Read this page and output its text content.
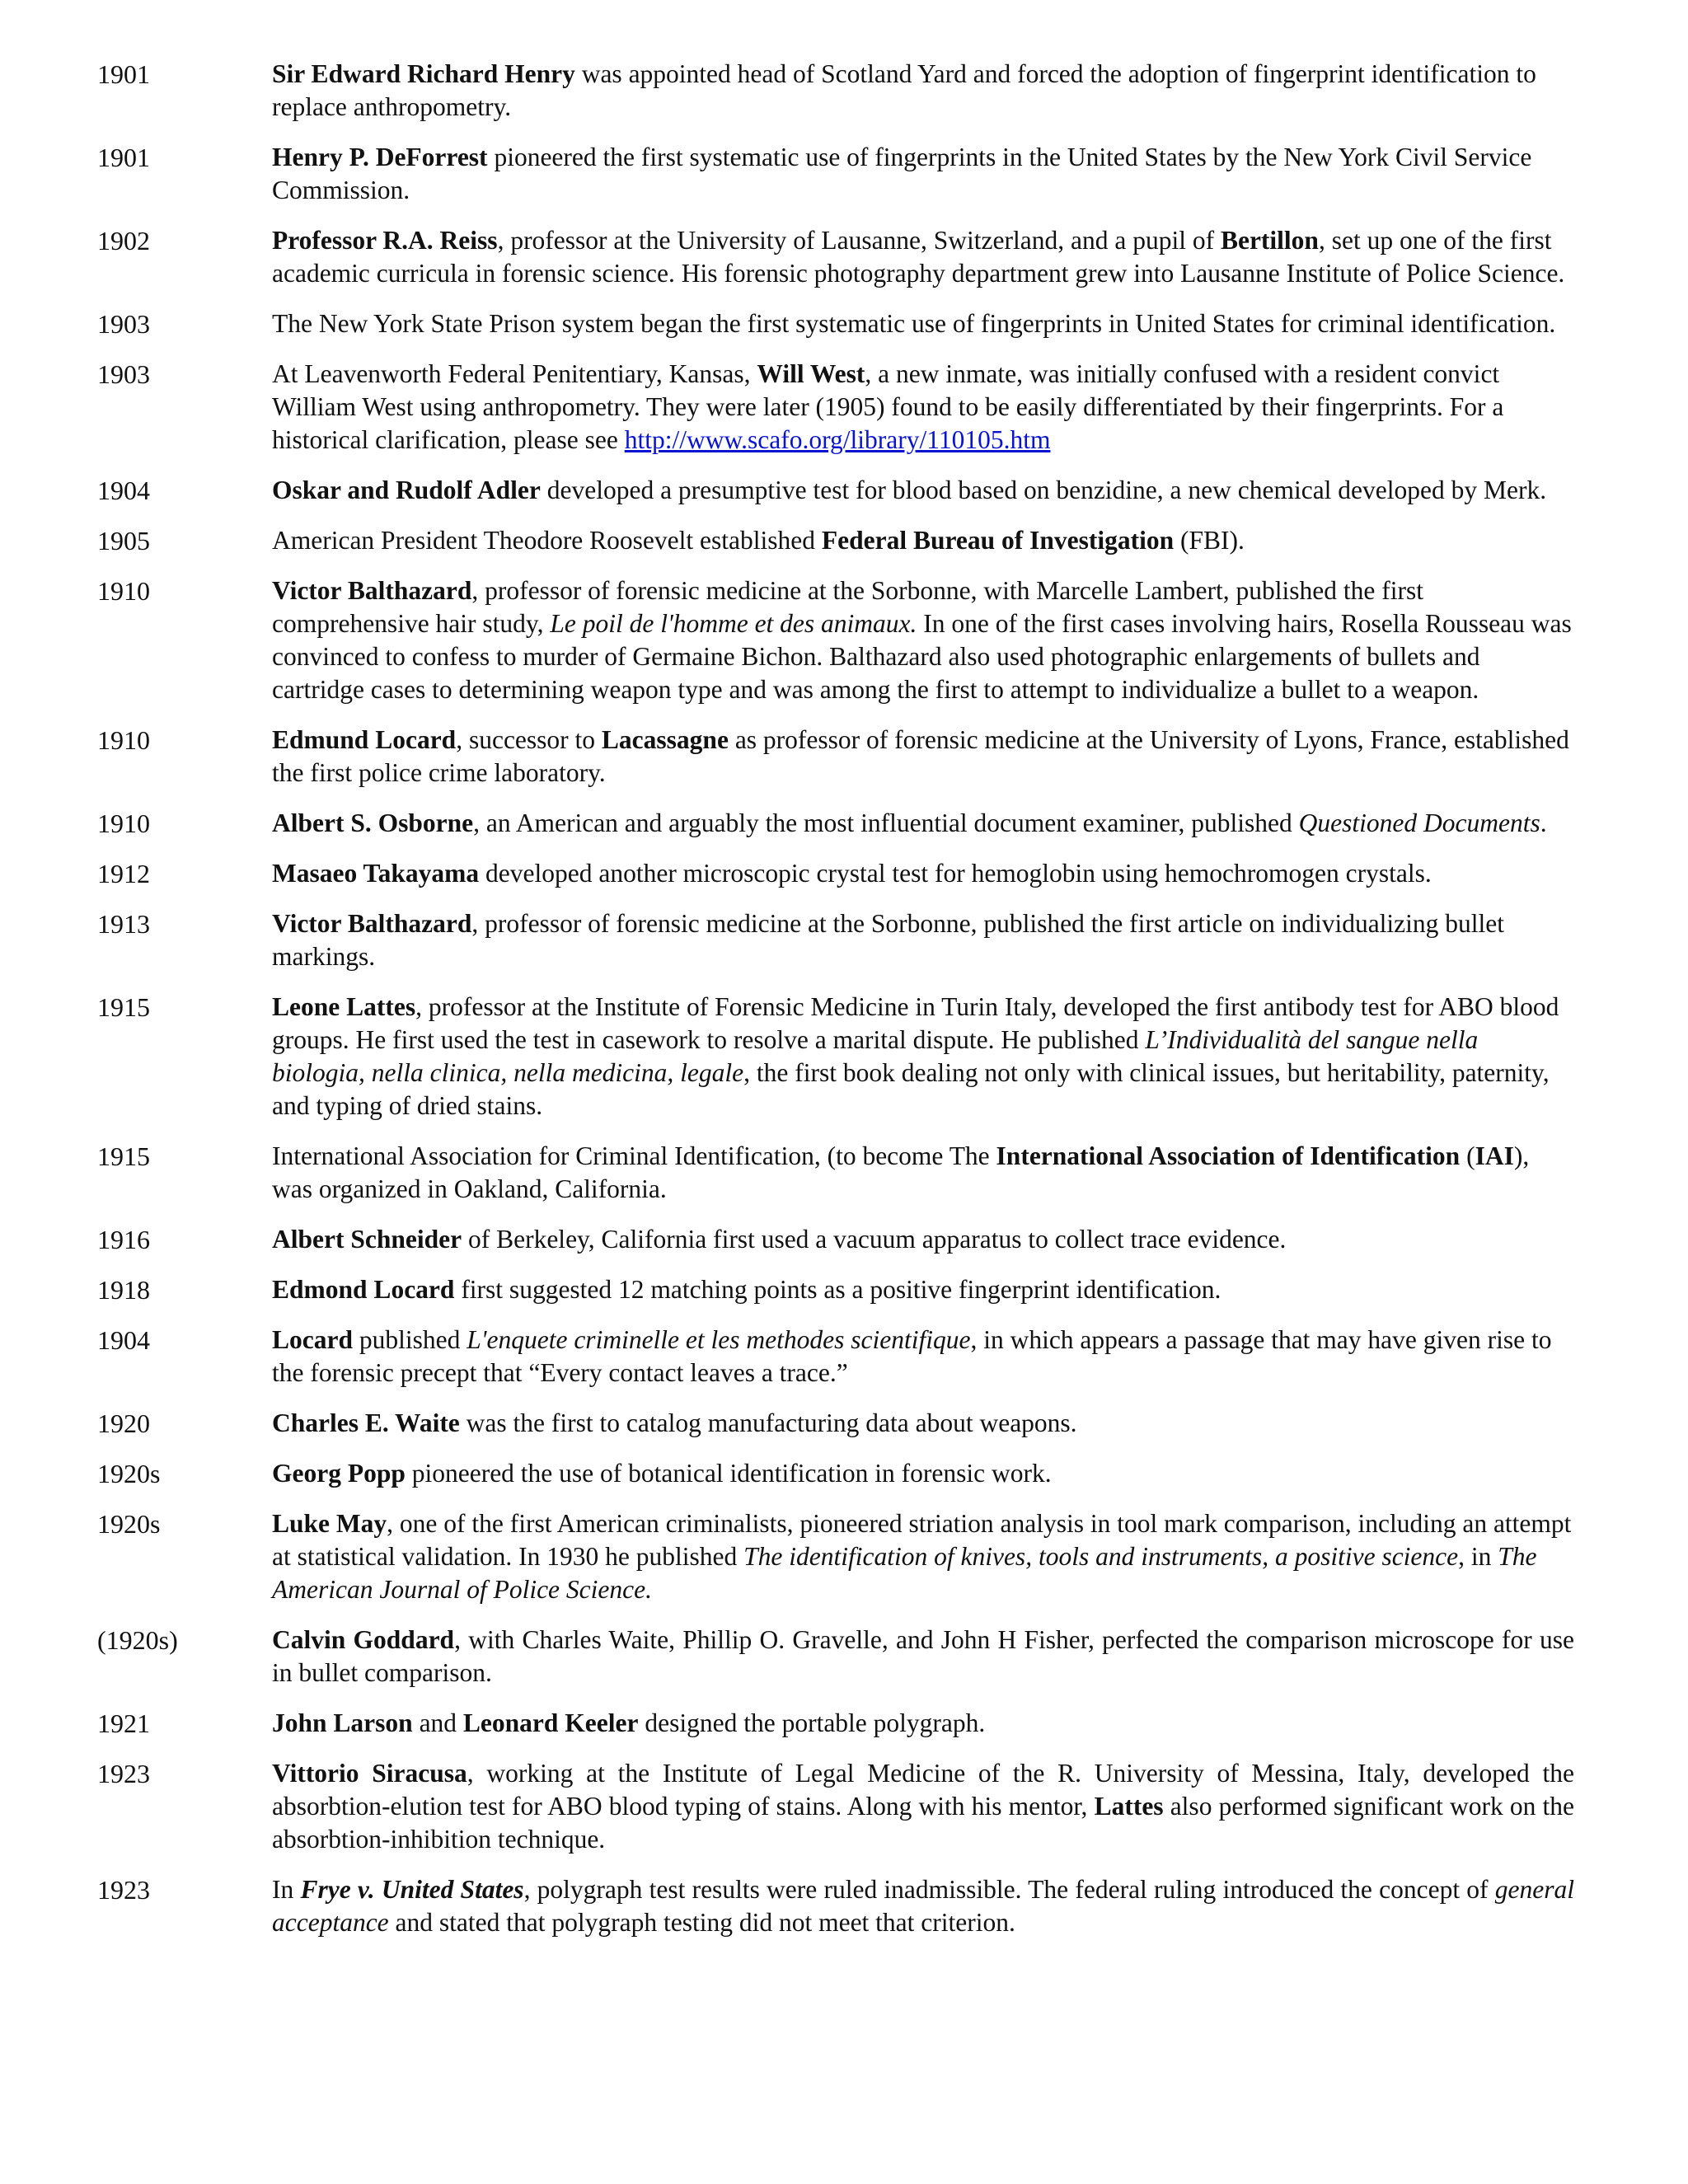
1901	Sir Edward Richard Henry was appointed head of Scotland Yard and forced the adoption of fingerprint identification to replace anthropometry.
1901	Henry P. DeForrest pioneered the first systematic use of fingerprints in the United States by the New York Civil Service Commission.
1902	Professor R.A. Reiss, professor at the University of Lausanne, Switzerland, and a pupil of Bertillon, set up one of the first academic curricula in forensic science. His forensic photography department grew into Lausanne Institute of Police Science.
1903	The New York State Prison system began the first systematic use of fingerprints in United States for criminal identification.
1903	At Leavenworth Federal Penitentiary, Kansas, Will West, a new inmate, was initially confused with a resident convict William West using anthropometry. They were later (1905) found to be easily differentiated by their fingerprints. For a historical clarification, please see http://www.scafo.org/library/110105.htm
1904	Oskar and Rudolf Adler developed a presumptive test for blood based on benzidine, a new chemical developed by Merk.
1905	American President Theodore Roosevelt established Federal Bureau of Investigation (FBI).
1910	Victor Balthazard, professor of forensic medicine at the Sorbonne, with Marcelle Lambert, published the first comprehensive hair study, Le poil de l'homme et des animaux. In one of the first cases involving hairs, Rosella Rousseau was convinced to confess to murder of Germaine Bichon. Balthazard also used photographic enlargements of bullets and cartridge cases to determining weapon type and was among the first to attempt to individualize a bullet to a weapon.
1910	Edmund Locard, successor to Lacassagne as professor of forensic medicine at the University of Lyons, France, established the first police crime laboratory.
1910	Albert S. Osborne, an American and arguably the most influential document examiner, published Questioned Documents.
1912	Masaeo Takayama developed another microscopic crystal test for hemoglobin using hemochromogen crystals.
1913	Victor Balthazard, professor of forensic medicine at the Sorbonne, published the first article on individualizing bullet markings.
1915	Leone Lattes, professor at the Institute of Forensic Medicine in Turin Italy, developed the first antibody test for ABO blood groups. He first used the test in casework to resolve a marital dispute. He published L’Individualità del sangue nella biologia, nella clinica, nella medicina, legale, the first book dealing not only with clinical issues, but heritability, paternity, and typing of dried stains.
1915	International Association for Criminal Identification, (to become The International Association of Identification (IAI), was organized in Oakland, California.
1916	Albert Schneider of Berkeley, California first used a vacuum apparatus to collect trace evidence.
1918	Edmond Locard first suggested 12 matching points as a positive fingerprint identification.
1904	Locard published L'enquete criminelle et les methodes scientifique, in which appears a passage that may have given rise to the forensic precept that “Every contact leaves a trace.”
1920	Charles E. Waite was the first to catalog manufacturing data about weapons.
1920s	Georg Popp pioneered the use of botanical identification in forensic work.
1920s	Luke May, one of the first American criminalists, pioneered striation analysis in tool mark comparison, including an attempt at statistical validation. In 1930 he published The identification of knives, tools and instruments, a positive science, in The American Journal of Police Science.
(1920s)	Calvin Goddard, with Charles Waite, Phillip O. Gravelle, and John H Fisher, perfected the comparison microscope for use in bullet comparison.
1921	John Larson and Leonard Keeler designed the portable polygraph.
1923	Vittorio Siracusa, working at the Institute of Legal Medicine of the R. University of Messina, Italy, developed the absorbtion-elution test for ABO blood typing of stains. Along with his mentor, Lattes also performed significant work on the absorbtion-inhibition technique.
1923	In Frye v. United States, polygraph test results were ruled inadmissible. The federal ruling introduced the concept of general acceptance and stated that polygraph testing did not meet that criterion.
